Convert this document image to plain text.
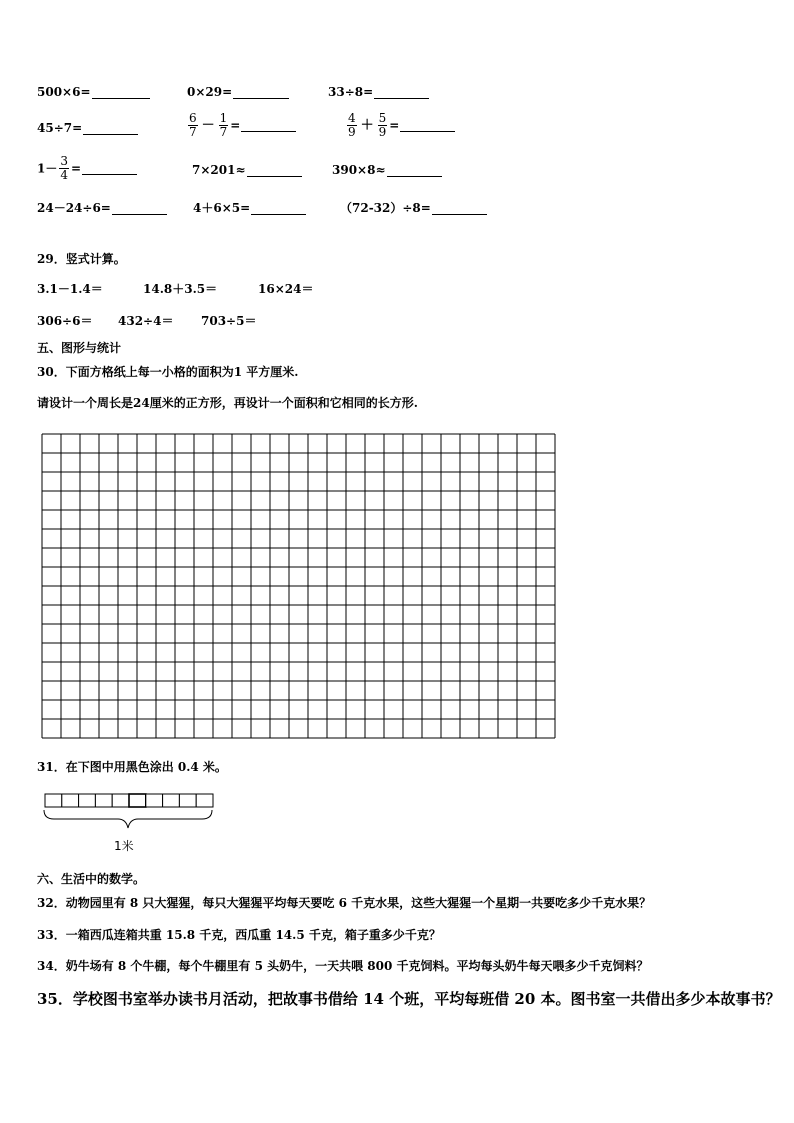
500×6=	0×29=	33÷8=
45÷7=	$\frac{6}{7} - \frac{1}{7}$ =	$\frac{4}{9} + \frac{5}{9}$ =
$1- \frac{3}{4}$ =	7×201≈	390×8≈
24－24÷6=	4＋6×5=	（72-32）÷8=
29．竖式计算。
3.1－1.4＝	14.8＋3.5＝	16×24＝
306÷6＝ 432÷4＝ 703÷5＝
五、图形与统计
30．下面方格纸上每一小格的面积为1 平方厘米.
请设计一个周长是24厘米的正方形，再设计一个面积和它相同的长方形.
31．在下图中用黑色涂出 0.4 米。
1米
六、生活中的数学。
32．动物园里有 8 只大猩猩，每只大猩猩平均每天要吃 6 千克水果，这些大猩猩一个星期一共要吃多少千克水果？
33．一箱西瓜连箱共重 15.8 千克，西瓜重 14.5 千克，箱子重多少千克？
34．奶牛场有 8 个牛棚，每个牛棚里有 5 头奶牛，一天共喂 800 千克饲料。平均每头奶牛每天喂多少千克饲料？
35．学校图书室举办读书月活动，把故事书借给 14 个班，平均每班借 20 本。图书室一共借出多少本故事书？
